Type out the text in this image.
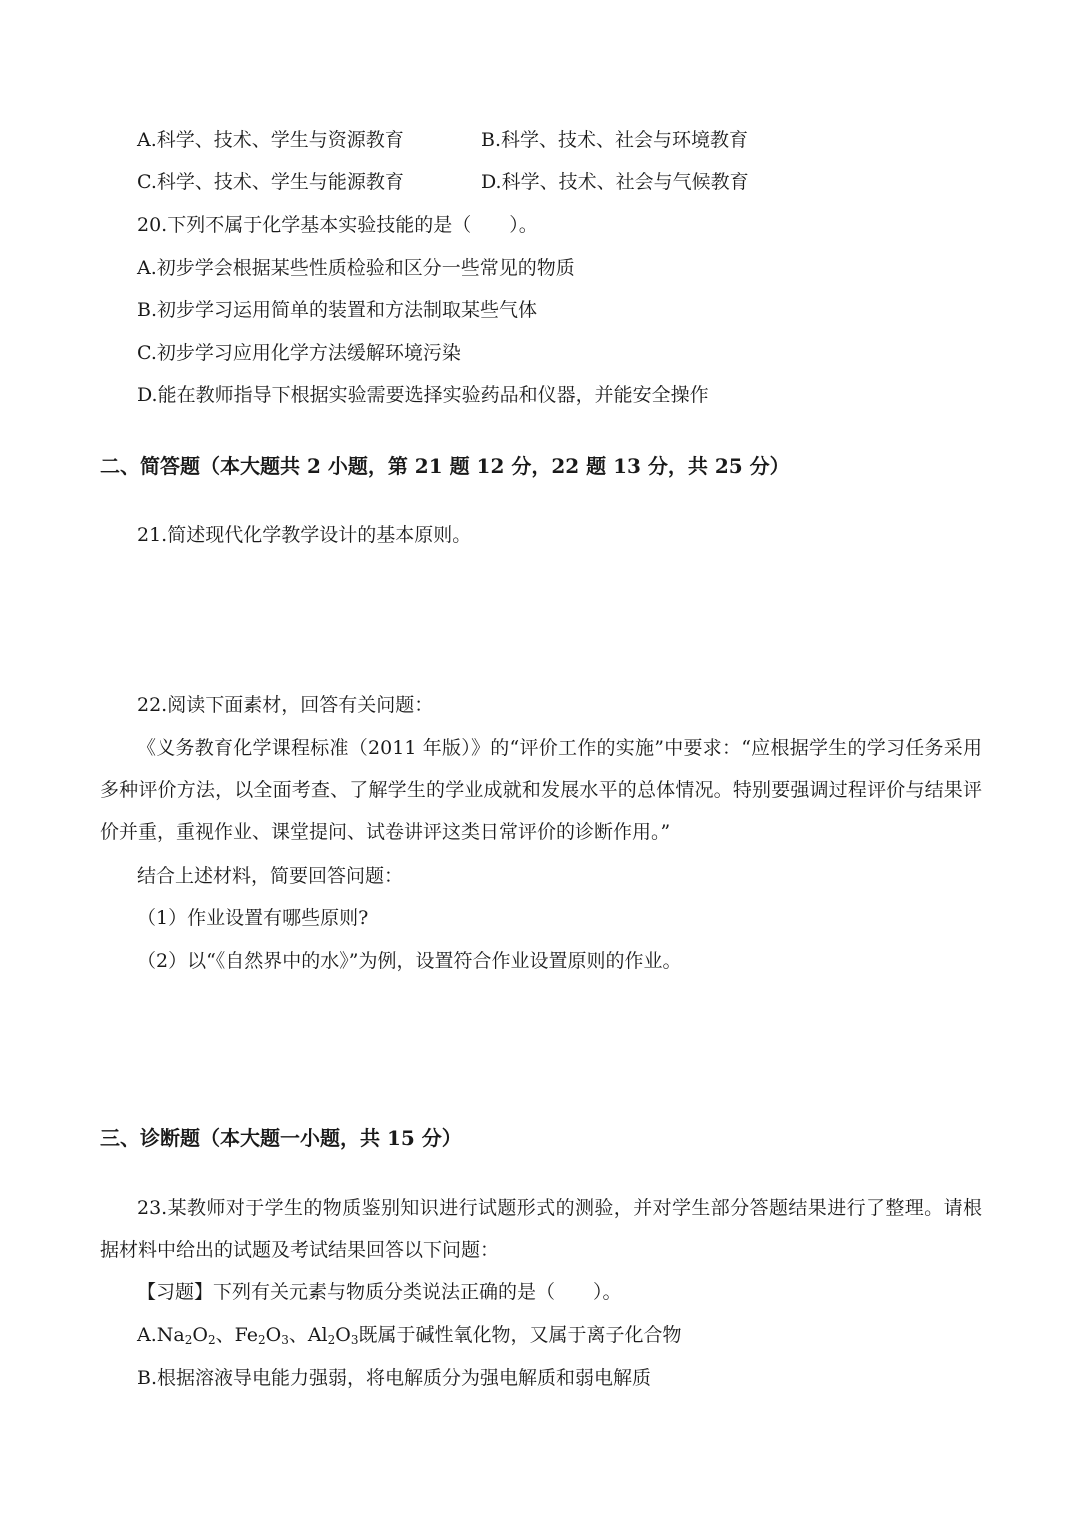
A.科学、技术、学生与资源教育	B.科学、技术、社会与环境教育
C.科学、技术、学生与能源教育	D.科学、技术、社会与气候教育
20.下列不属于化学基本实验技能的是（　　）。
A.初步学会根据某些性质检验和区分一些常见的物质
B.初步学习运用简单的装置和方法制取某些气体
C.初步学习应用化学方法缓解环境污染
D.能在教师指导下根据实验需要选择实验药品和仪器，并能安全操作
二、简答题（本大题共 2 小题，第 21 题 12 分，22 题 13 分，共 25 分）
21.简述现代化学教学设计的基本原则。
22.阅读下面素材，回答有关问题：
《义务教育化学课程标准（2011 年版）》的“评价工作的实施”中要求：“应根据学生的学习任务采用多种评价方法，以全面考查、了解学生的学业成就和发展水平的总体情况。特别要强调过程评价与结果评价并重，重视作业、课堂提问、试卷讲评这类日常评价的诊断作用。”
结合上述材料，简要回答问题：
（1）作业设置有哪些原则?
（2）以“《自然界中的水》”为例，设置符合作业设置原则的作业。
三、诊断题（本大题一小题，共 15 分）
23.某教师对于学生的物质鉴别知识进行试题形式的测验，并对学生部分答题结果进行了整理。请根据材料中给出的试题及考试结果回答以下问题：
【习题】下列有关元素与物质分类说法正确的是（　　）。
$A.Na_2O_2$、$Fe_2O_3$、$Al_2O_3$既属于碱性氧化物，又属于离子化合物
B.根据溶液导电能力强弱，将电解质分为强电解质和弱电解质
